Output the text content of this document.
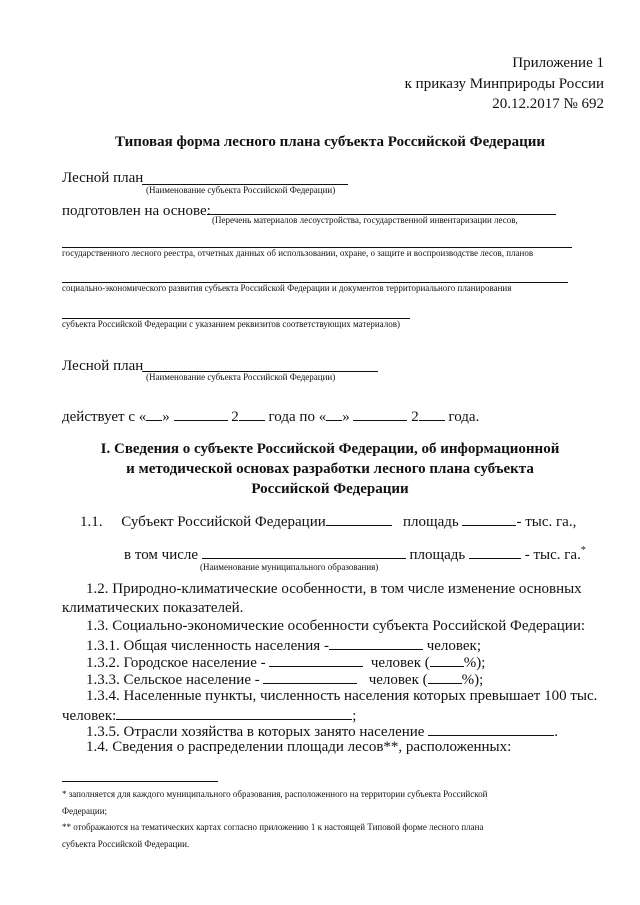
Приложение 1
к приказу Минприроды России
20.12.2017 № 692
Типовая форма лесного плана субъекта Российской Федерации
Лесной план
(Наименование субъекта Российской Федерации)
подготовлен на основе:
(Перечень материалов лесоустройства, государственной инвентаризации лесов,
государственного лесного реестра, отчетных данных об использовании, охране, о защите и воспроизводстве лесов, планов
социально-экономического развития субъекта Российской Федерации и документов территориального планирования
субъекта Российской Федерации с указанием реквизитов соответствующих материалов)
Лесной план
(Наименование субъекта Российской Федерации)
действует с « »	2 года по « »	2 года.
I. Сведения о субъекте Российской Федерации, об информационной
и методической основах разработки лесного плана субъекта
Российской Федерации
1.1. Субъект Российской Федерации	площадь	- тыс. га.,
в том числе	площадь	- тыс. га.*
(Наименование муниципального образования)
1.2. Природно-климатические особенности, в том числе изменение основных
климатических показателей.
1.3. Социально-экономические особенности субъекта Российской Федерации:
1.3.1. Общая численность населения -	человек;
1.3.2. Городское население -	человек ( %);
1.3.3. Сельское население -	человек ( %);
1.3.4. Населенные пункты, численность населения которых превышает 100 тыс.
человек:	;
1.3.5. Отрасли хозяйства в которых занято население	.
1.4. Сведения о распределении площади лесов**, расположенных:
* заполняется для каждого муниципального образования, расположенного на территории субъекта Российской
Федерации;
** отображаются на тематических картах согласно приложению 1 к настоящей Типовой форме лесного плана
субъекта Российской Федерации.
